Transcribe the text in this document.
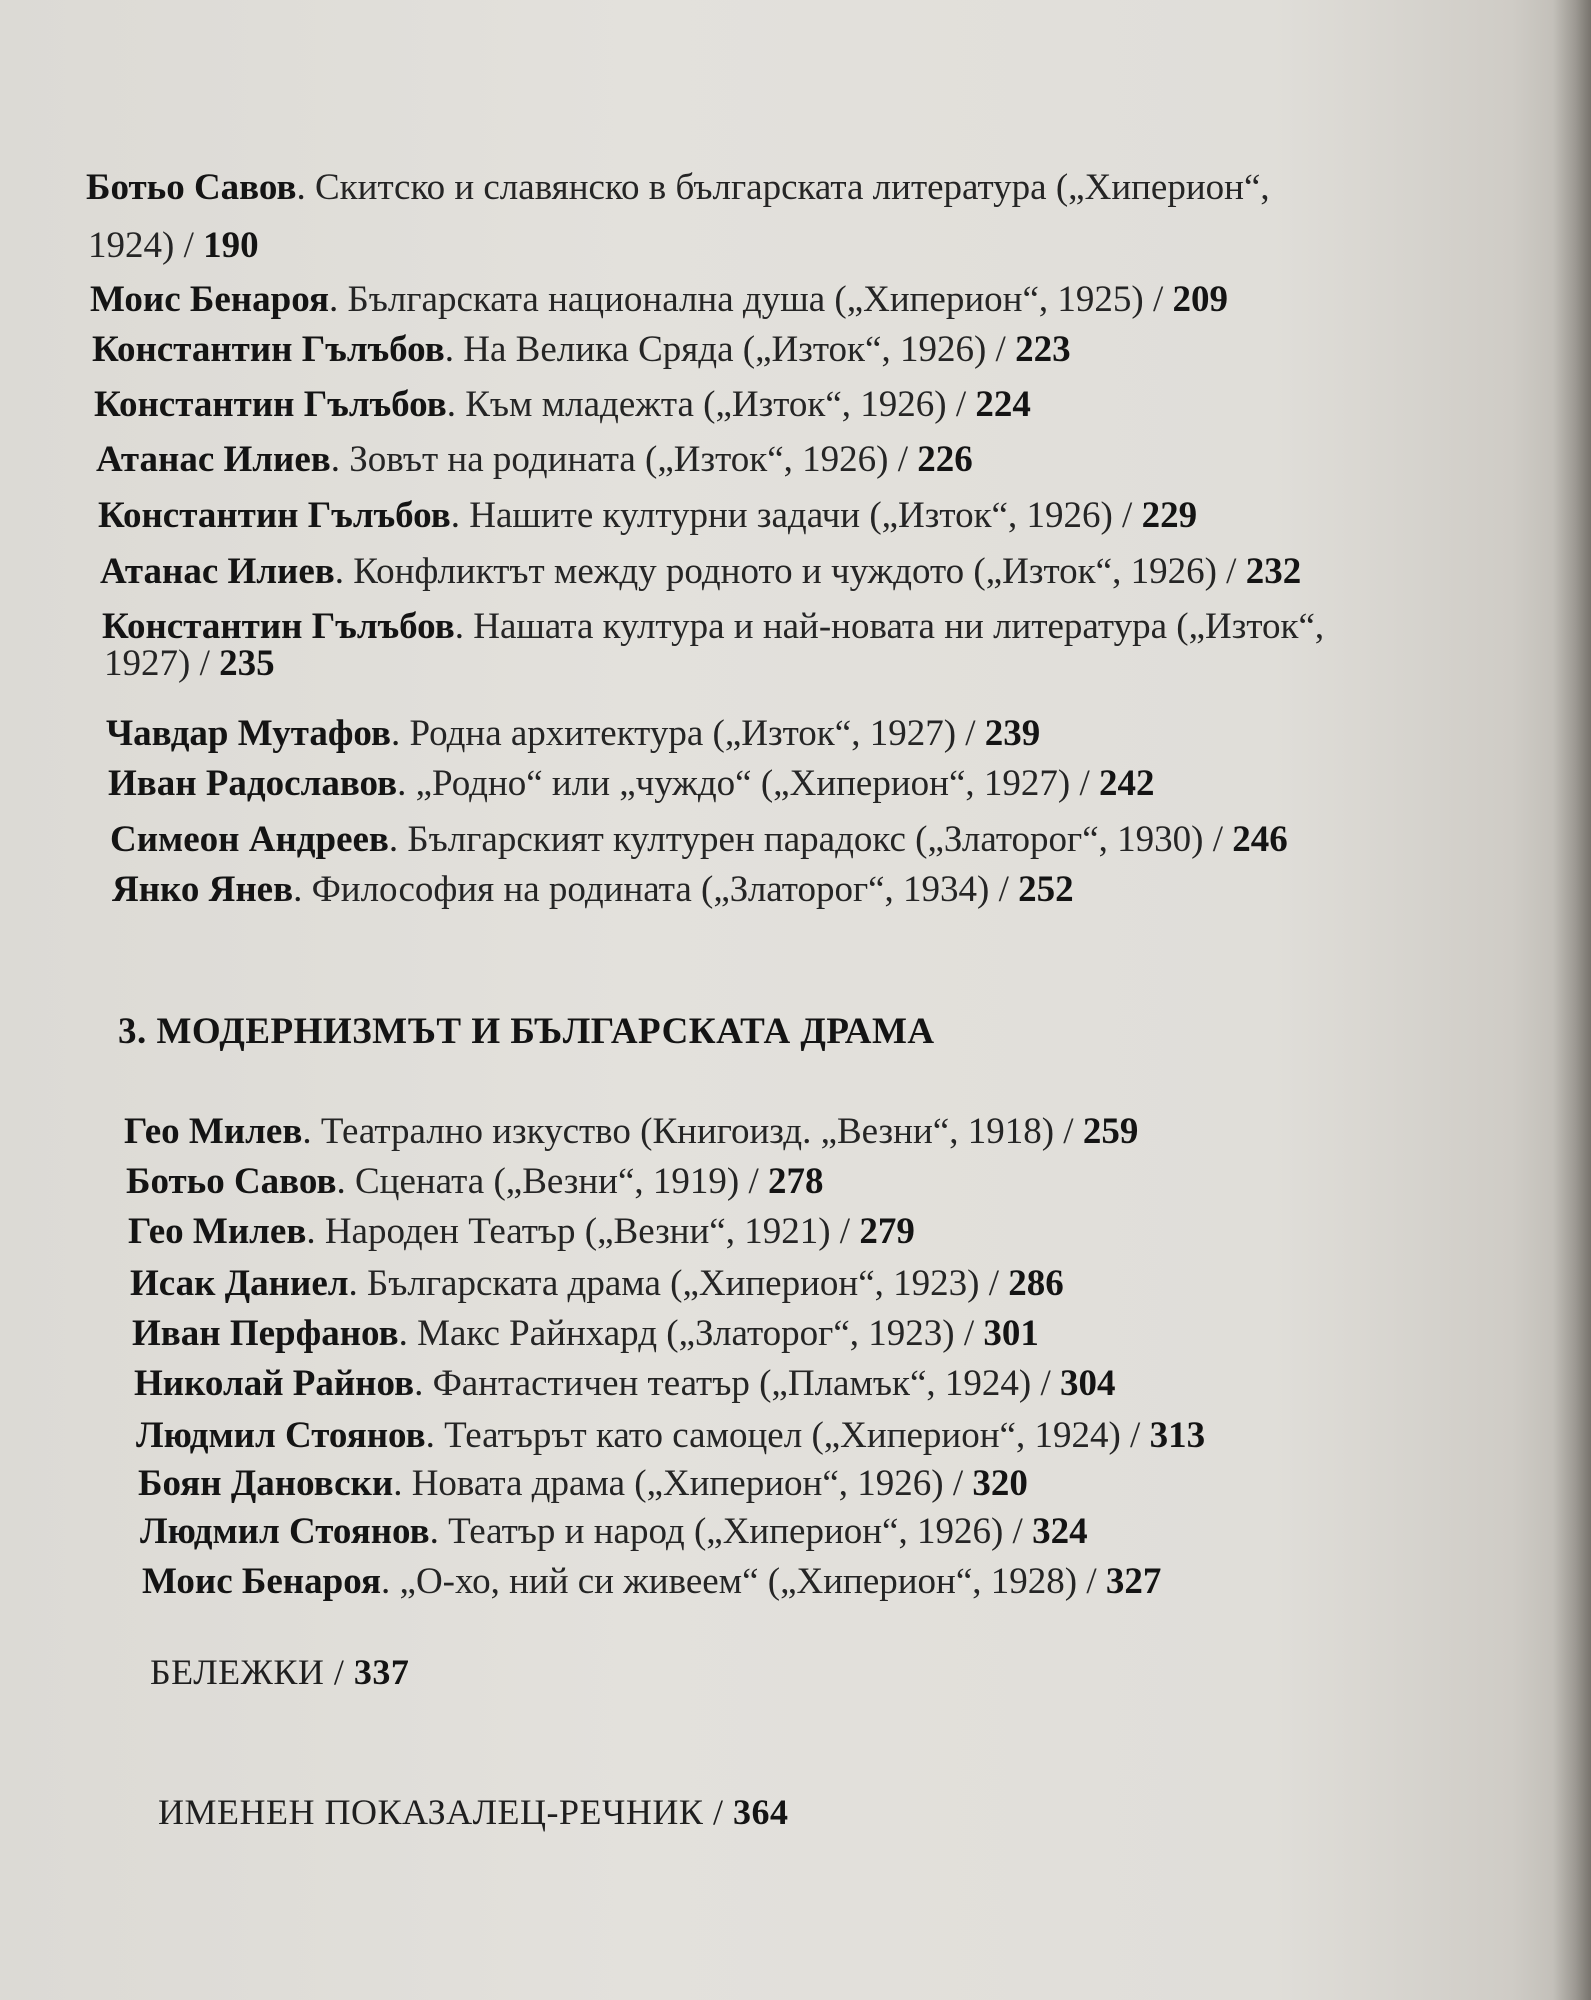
Ботьо Савов. Скитско и славянско в българската литература („Хиперион“,
1924) / 190
Моис Бенароя. Българската национална душа („Хиперион“, 1925) / 209
Константин Гълъбов. На Велика Сряда („Изток“, 1926) / 223
Константин Гълъбов. Към младежта („Изток“, 1926) / 224
Атанас Илиев. Зовът на родината („Изток“, 1926) / 226
Константин Гълъбов. Нашите културни задачи („Изток“, 1926) / 229
Атанас Илиев. Конфликтът между родното и чуждото („Изток“, 1926) / 232
Константин Гълъбов. Нашата култура и най-новата ни литература („Изток“,
1927) / 235
Чавдар Мутафов. Родна архитектура („Изток“, 1927) / 239
Иван Радославов. „Родно“ или „чуждо“ („Хиперион“, 1927) / 242
Симеон Андреев. Българският културен парадокс („Златорог“, 1930) / 246
Янко Янев. Философия на родината („Златорог“, 1934) / 252
3. МОДЕРНИЗМЪТ И БЪЛГАРСКАТА ДРАМА
Гео Милев. Театрално изкуство (Книгоизд. „Везни“, 1918) / 259
Ботьо Савов. Сцената („Везни“, 1919) / 278
Гео Милев. Народен Театър („Везни“, 1921) / 279
Исак Даниел. Българската драма („Хиперион“, 1923) / 286
Иван Перфанов. Макс Райнхард („Златорог“, 1923) / 301
Николай Райнов. Фантастичен театър („Пламък“, 1924) / 304
Людмил Стоянов. Театърът като самоцел („Хиперион“, 1924) / 313
Боян Дановски. Новата драма („Хиперион“, 1926) / 320
Людмил Стоянов. Театър и народ („Хиперион“, 1926) / 324
Моис Бенароя. „О-хо, ний си живеем“ („Хиперион“, 1928) / 327
БЕЛЕЖКИ / 337
ИМЕНЕН ПОКАЗАЛЕЦ-РЕЧНИК / 364
